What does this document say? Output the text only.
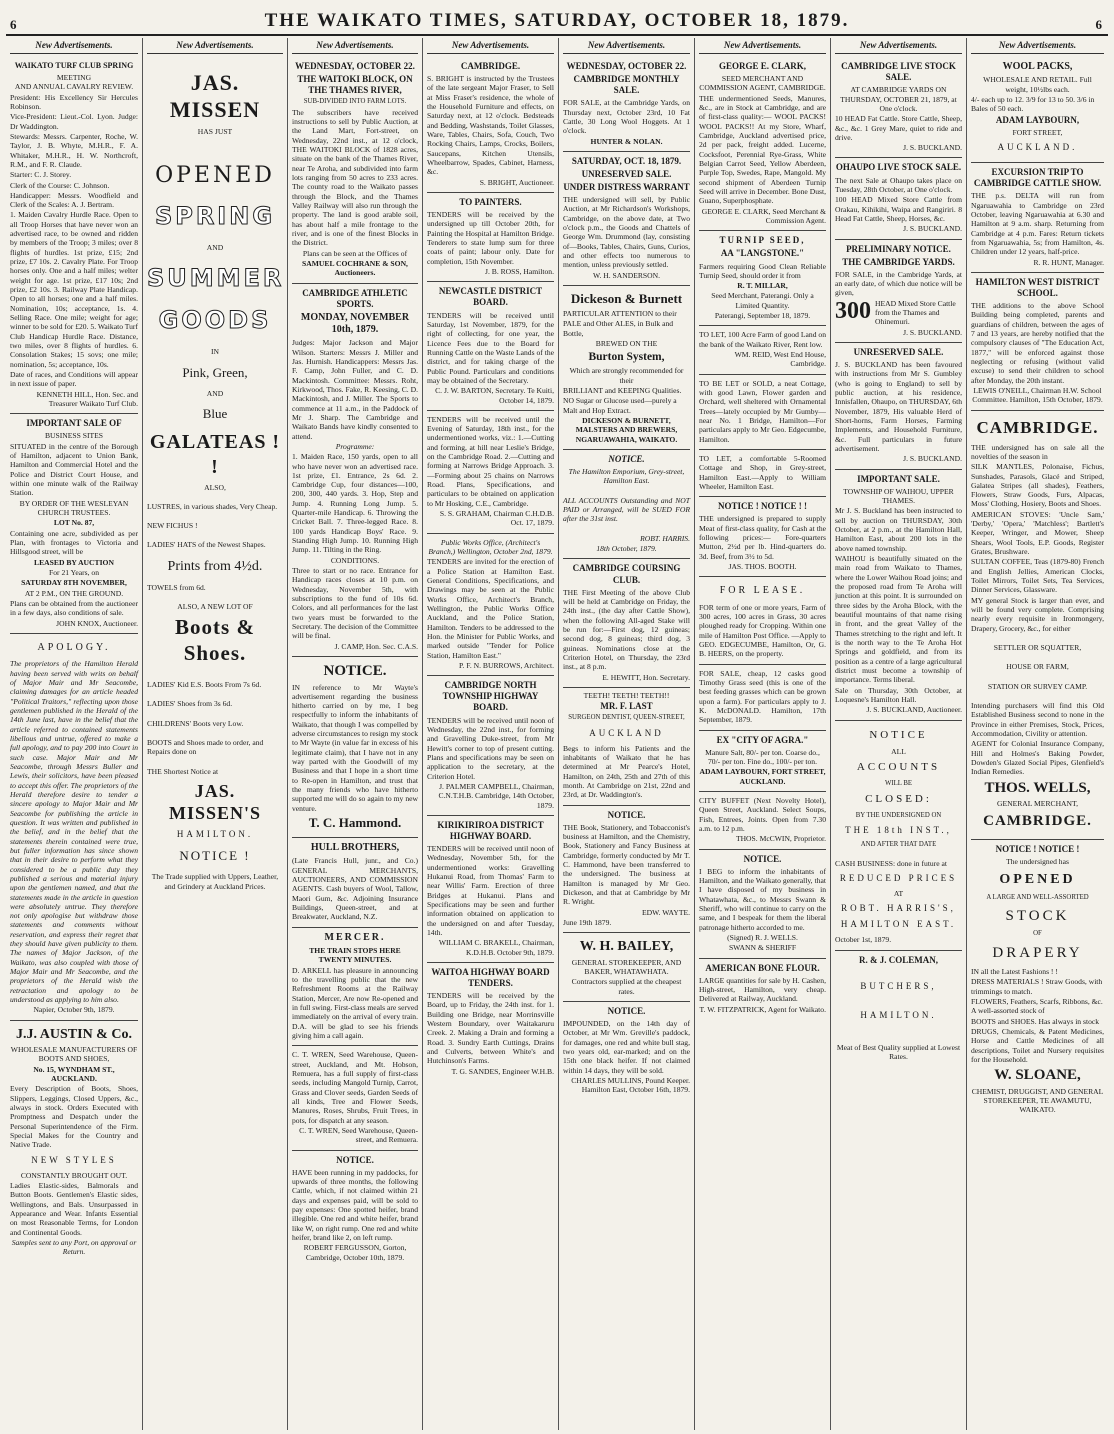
6	THE WAIKATO TIMES, SATURDAY, OCTOBER 18, 1879.	6
New Advertisements.
WAIKATO TURF CLUB SPRING
MEETING
AND ANNUAL CAVALRY REVIEW.

President: His Excellency Sir Hercules Robinson.

Vice-President: Lieut.-Col. Lyon. Judge: Dr Waddington.

Stewards: Messrs. Carpenter, Roche, W. Taylor, J. B. Whyte, M.H.R., F. A. Whitaker, M.H.R., H. W. Northcroft, R.M., and F. R. Claude.

Starter: C. J. Storey.

Clerk of the Course: C. Johnson.

Handicapper: Messrs. Woodfield and Clerk of the Scales: A. J. Bertram.

1. Maiden Cavalry Hurdle Race. Open to all Troop Horses that have never won an advertised race, to be owned and ridden by members of the Troop; 3 miles; over 8 flights of hurdles. 1st prize, £15; 2nd prize, £7 10s. 2. Cavalry Plate. For Troop horses only. One and a half miles; welter weight for age. 1st prize, £17 10s; 2nd prize, £2 10s. 3. Railway Plate Handicap. Open to all horses; one and a half miles. Nomination, 10s; acceptance, 1s. 4. Selling Race. One mile; weight for age; winner to be sold for £20. 5. Waikato Turf Club Handicap Hurdle Race. Distance, two miles, over 8 flights of hurdles. 6. Consolation Stakes; 15 sovs; one mile; nomination, 5s; acceptance, 10s.

Date of races, and Conditions will appear in next issue of paper.

KENNETH HILL, Hon. Sec. and Treasurer Waikato Turf Club.

IMPORTANT SALE OF
BUSINESS SITES

SITUATED in the centre of the Borough of Hamilton, adjacent to Union Bank, Hamilton and Commercial Hotel and the Police and District Court House, and within one minute walk of the Railway Station.

BY ORDER OF THE WESLEYAN CHURCH TRUSTEES.

LOT No. 87,

Containing one acre, subdivided as per Plan, with frontages to Victoria and Hillsgood street, will be

LEASED BY AUCTION

For 21 Years, on

SATURDAY 8TH NOVEMBER,

AT 2 P.M., ON THE GROUND.

Plans can be obtained from the auctioneer in a few days, also conditions of sale.

JOHN KNOX, Auctioneer.

APOLOGY.

The proprietors of the Hamilton Herald having been served with writs on behalf of Major Mair and Mr Seacombe, claiming damages for an article headed "Political Traitors," reflecting upon those gentlemen published in the Herald of the 14th June last, have in the belief that the article referred to contained statements libellous and untrue, offered to make a full apology, and to pay 200 into Court in such case. Major Mair and Mr Seacombe, through Messrs Buller and Lewis, their solicitors, have been pleased to accept this offer. The proprietors of the Herald therefore desire to tender a sincere apology to Major Mair and Mr Seacombe for publishing the article in question. It was written and published in the belief, and in the belief that the statements therein contained were true, but fuller information has since shown that in their desire to perform what they considered to be a public duty they published a serious and material injury upon the gentlemen named, and that the statements made in the article in question were absolutely untrue. They therefore not only apologise but withdraw those statements and comments without reservation, and express their regret that they should have given publicity to them. The names of Major Jackson, of the Waikato, was also coupled with those of Major Mair and Mr Seacombe, and the proprietors of the Herald wish the retractation and apology to be understood as applying to him also.

Napier, October 9th, 1879.

J.J. AUSTIN & Co.

WHOLESALE MANUFACTURERS OF BOOTS AND SHOES,

No. 15, WYNDHAM ST., AUCKLAND.

Every Description of Boots, Shoes, Slippers, Leggings, Closed Uppers, &c., always in stock. Orders Executed with Promptness and Despatch under the Personal Superintendence of the Firm. Special Makes for the Country and Native Trade.

NEW STYLES

CONSTANTLY BROUGHT OUT.

Ladies Elastic-sides, Balmorals and Button Boots. Gentlemen's Elastic sides, Wellingtons, and Bals. Unsurpassed in Appearance and Wear. Infants Essential on most Reasonable Terms, for London and Continental Goods.

Samples sent to any Port, on approval or Return.

New Advertisements.
JAS. MISSEN
HAS JUST
OPENED
SPRING
AND
SUMMER
GOODS
IN
Pink, Green,
AND
Blue
GALATEAS ! !
ALSO,

LUSTRES, in various shades, Very Cheap.

NEW FICHUS !

LADIES' HATS of the Newest Shapes.

Prints from 4½d.

TOWELS from 6d.

ALSO, A NEW LOT OF

Boots & Shoes.

LADIES' Kid E.S. Boots From 7s 6d.

LADIES' Shoes from 3s 6d.

CHILDRENS' Boots very Low.

BOOTS and Shoes made to order, and Repairs done on

THE Shortest Notice at

JAS. MISSEN'S
HAMILTON.
NOTICE !

The Trade supplied with Uppers, Leather, and Grindery at Auckland Prices.

New Advertisements.
WEDNESDAY, OCTOBER 22.
THE WAITOKI BLOCK, ON THE THAMES RIVER,

SUB-DIVIDED INTO FARM LOTS.

The subscribers have received instructions to sell by Public Auction, at the Land Mart, Fort-street, on Wednesday, 22nd inst., at 12 o'clock, THE WAITOKI BLOCK of 1828 acres, situate on the bank of the Thames River, near Te Aroha, and subdivided into farm lots ranging from 50 acres to 233 acres. The county road to the Waikato passes through the Block, and the Thames Valley Railway will also run through the property. The land is good arable soil, has about half a mile frontage to the river, and is one of the finest Blocks in the District.

Plans can be seen at the Offices of

SAMUEL COCHRANE & SON, Auctioneers.

CAMBRIDGE ATHLETIC SPORTS.
MONDAY, NOVEMBER 10th, 1879.

Judges: Major Jackson and Major Wilson. Starters: Messrs J. Miller and Jas. Hurnish. Handicappers: Messrs Jas. F. Camp, John Fuller, and C. D. Mackintosh. Committee: Messrs. Roht, Kirkwood, Thos. Fake, R. Keesing, C. D. Mackintosh, and J. Miller. The Sports to commence at 11 a.m., in the Paddock of Mr J. Sharp. The Cambridge and Waikato Bands have kindly consented to attend.

Programme:

1. Maiden Race, 150 yards, open to all who have never won an advertised race. 1st prize, £1. Entrance, 2s 6d. 2. Cambridge Cup, four distances—100, 200, 300, 440 yards. 3. Hop, Step and Jump. 4. Running Long Jump. 5. Quarter-mile Handicap. 6. Throwing the Cricket Ball. 7. Three-legged Race. 8. 100 yards Handicap Boys' Race. 9. Standing High Jump. 10. Running High Jump. 11. Tilting in the Ring.

CONDITIONS.

Three to start or no race. Entrance for Handicap races closes at 10 p.m. on Wednesday, November 5th, with subscriptions to the fund of 10s 6d. Colors, and all performances for the last two years must be forwarded to the Secretary. The decision of the Committee will be final.

J. CAMP, Hon. Sec. C.A.S.

NOTICE.

IN reference to Mr Wayte's advertisement regarding the business hitherto carried on by me, I beg respectfully to inform the inhabitants of Waikato, that though I was compelled by adverse circumstances to resign my stock to Mr Wayte (in value far in excess of his legitimate claim), that I have not in any way parted with the Goodwill of my Business and that I hope in a short time to Re-open in Hamilton, and trust that the many friends who have hitherto supported me will do so again to my new venture.

T. C. Hammond.
HULL BROTHERS,

(Late Francis Hull, junr., and Co.) GENERAL MERCHANTS, AUCTIONEERS, AND COMMISSION AGENTS. Cash buyers of Wool, Tallow, Maori Gum, &c. Adjoining Insurance Buildings, Queen-street, and at Breakwater, Auckland, N.Z.

MERCER.
THE TRAIN STOPS HERE TWENTY MINUTES.

D. ARKELL has pleasure in announcing to the travelling public that the new Refreshment Rooms at the Railway Station, Mercer, Are now Re-opened and in full swing. First-class meals are served immediately on the arrival of every train. D.A. will be glad to see his friends giving him a call again.

C. T. WREN, Seed Warehouse, Queen-street, Auckland, and Mt. Hobson, Remuera, has a full supply of first-class seeds, including Mangold Turnip, Carrot, Grass and Clover seeds, Garden Seeds of all kinds, Tree and Flower Seeds, Manures, Roses, Shrubs, Fruit Trees, in pots, for dispatch at any season.

C. T. WREN, Seed Warehouse, Queen-street, and Remuera.

NOTICE.

HAVE been running in my paddocks, for upwards of three months, the following Cattle, which, if not claimed within 21 days and expenses paid, will be sold to pay expenses: One spotted heifer, brand illegible. One red and white heifer, brand like W, on right rump. One red and white heifer, brand like 2, on left rump.

ROBERT FERGUSSON, Gorton, Cambridge, October 10th, 1879.

New Advertisements.
CAMBRIDGE.

S. BRIGHT is instructed by the Trustees of the late sergeant Major Fraser, to Sell at Miss Fraser's residence, the whole of the Household Furniture and effects, on Saturday next, at 12 o'clock. Bedsteads and Bedding, Washstands, Toilet Glasses, Ware, Tables, Chairs, Sofa, Couch, Two Rocking Chairs, Lamps, Crocks, Boilers, Saucepans, Kitchen Utensils, Wheelbarrow, Spades, Cabinet, Harness, &c.

S. BRIGHT, Auctioneer.

TO PAINTERS.

TENDERS will be received by the undersigned up till October 20th, for Painting the Hospital at Hamilton Bridge. Tenderers to state lump sum for three coats of paint; labour only. Date for completion, 15th November.

J. B. ROSS, Hamilton.

NEWCASTLE DISTRICT BOARD.

TENDERS will be received until Saturday, 1st November, 1879, for the right of collecting, for one year, the Licence Fees due to the Board for Running Cattle on the Waste Lands of the district, and for taking charge of the Public Pound. Particulars and conditions may be obtained of the Secretary.

C. J. W. BARTON, Secretary. Te Kuiti, October 14, 1879.

TENDERS will be received until the Evening of Saturday, 18th inst., for the undermentioned works, viz.: 1.—Cutting and forming, at hill near Leslie's Bridge, on the Cambridge Road. 2.—Cutting and forming at Narrows Bridge Approach. 3.—Forming about 25 chains on Narrows Road. Plans, Specifications, and particulars to be obtained on application to Mr Hosking, C.E., Cambridge.

S. S. GRAHAM, Chairman C.H.D.B. Oct. 17, 1879.

Public Works Office, (Architect's Branch,) Wellington, October 2nd, 1879.

TENDERS are invited for the erection of a Police Station at Hamilton East. General Conditions, Specifications, and Drawings may be seen at the Public Works Office, Architect's Branch, Wellington, the Public Works Office Auckland, and the Police Station, Hamilton. Tenders to be addressed to the Hon. the Minister for Public Works, and marked outside "Tender for Police Station, Hamilton East."

P. F. N. BURROWS, Architect.

CAMBRIDGE NORTH TOWNSHIP HIGHWAY BOARD.

TENDERS will be received until noon of Wednesday, the 22nd inst., for forming and Gravelling Duke-street, from Mr Hewitt's corner to top of present cutting. Plans and specifications may be seen on application to the secretary, at the Criterion Hotel.

J. PALMER CAMPBELL, Chairman, C.N.T.H.B. Cambridge, 14th October, 1879.

KIRIKIRIROA DISTRICT HIGHWAY BOARD.

TENDERS will be received until noon of Wednesday, November 5th, for the undermentioned works: Gravelling Hukanui Road, from Thomas' Farm to near Willis' Farm. Erection of three Bridges at Hukanui. Plans and Specifications may be seen and further information obtained on application to the undersigned on and after Tuesday, 14th.

WILLIAM C. BRAKELL, Chairman, K.D.H.B. October 9th, 1879.

WAITOA HIGHWAY BOARD TENDERS.

TENDERS will be received by the Board, up to Friday, the 24th inst. for 1. Building one Bridge, near Morrinsville Western Boundary, over Waitakaruru Creek. 2. Making a Drain and forming a Road. 3. Sundry Earth Cuttings, Drains and Culverts, between White's and Hutchinson's Farms.

T. G. SANDES, Engineer W.H.B.

New Advertisements.
WEDNESDAY, OCTOBER 22.
CAMBRIDGE MONTHLY SALE.

FOR SALE, at the Cambridge Yards, on Thursday next, October 23rd, 10 Fat Cattle, 30 Long Wool Hoggets. At 1 o'clock.

HUNTER & NOLAN.

SATURDAY, OCT. 18, 1879.
UNRESERVED SALE.
UNDER DISTRESS WARRANT

THE undersigned will sell, by Public Auction, at Mr Richardson's Workshops, Cambridge, on the above date, at Two o'clock p.m., the Goods and Chattels of George Wm. Drummond (lay, consisting of—Books, Tables, Chairs, Guns, Curios, and other effects too numerous to mention, unless previously settled.

W. H. SANDERSON.

Dickeson & Burnett

PARTICULAR ATTENTION to their

PALE and Other ALES, in Bulk and Bottle,

BREWED ON THE

Burton System,

Which are strongly recommended for their

BRILLIANT and KEEPING Qualities.

NO Sugar or Glucose used—purely a Malt and Hop Extract.

DICKESON & BURNETT, MALSTERS AND BREWERS, NGARUAWAHIA, WAIKATO.

NOTICE.

The Hamilton Emporium, Grey-street, Hamilton East.

ALL ACCOUNTS Outstanding and NOT PAID or Arranged, will be SUED FOR after the 31st inst.

ROBT. HARRIS.

18th October, 1879.

CAMBRIDGE COURSING CLUB.

THE First Meeting of the above Club will be held at Cambridge on Friday, the 24th inst., (the day after Cattle Show), when the following All-aged Stake will be run for:—First dog, 12 guineas; second dog, 8 guineas; third dog, 3 guineas. Nominations close at the Criterion Hotel, on Thursday, the 23rd inst., at 8 p.m.

E. HEWITT, Hon. Secretary.

TEETH! TEETH! TEETH!!
MR. F. LAST

SURGEON DENTIST, QUEEN-STREET,

AUCKLAND

Begs to inform his Patients and the inhabitants of Waikato that he has determined at Mr Pearce's Hotel, Hamilton, on 24th, 25th and 27th of this month. At Cambridge on 21st, 22nd and 23rd, at Dr. Waddington's.

NOTICE.

THE Book, Stationery, and Tobacconist's business at Hamilton, and the Chemistry, Book, Stationery and Fancy Business at Cambridge, formerly conducted by Mr T. C. Hammond, have been transferred to the undersigned. The business at Hamilton is managed by Mr Geo. Dickeson, and that at Cambridge by Mr R. Wright.

EDW. WAYTE.

June 19th 1879.

W. H. BAILEY,

GENERAL STOREKEEPER, AND BAKER, WHATAWHATA.

Contractors supplied at the cheapest rates.

NOTICE.

IMPOUNDED, on the 14th day of October, at Mr Wm. Greville's paddock, for damages, one red and white bull stag, two years old, ear-marked; and on the 15th one black heifer. If not claimed within 14 days, they will be sold.

CHARLES MULLINS, Pound Keeper. Hamilton East, October 16th, 1879.

New Advertisements.
GEORGE E. CLARK,

SEED MERCHANT AND COMMISSION AGENT, CAMBRIDGE.

THE undermentioned Seeds, Manures, &c., are in Stock at Cambridge, and are of first-class quality:— WOOL PACKS! WOOL PACKS!! At my Store, Wharf, Cambridge, Auckland advertised price, 2d per pack, freight added. Lucerne, Cocksfoot, Perennial Rye-Grass, White Belgian Carrot Seed, Yellow Aberdeen, Purple Top, Swedes, Rape, Mangold. My second shipment of Aberdeen Turnip Seed will arrive in December. Bone Dust, Guano, Superphosphate.

GEORGE E. CLARK, Seed Merchant & Commission Agent.

TURNIP SEED,
AA "LANGSTONE."

Farmers requiring Good Clean Reliable Turnip Seed, should order it from

R. T. MILLAR,

Seed Merchant, Paterangi. Only a Limited Quantity.

Paterangi, September 18, 1879.

TO LET, 100 Acre Farm of good Land on the bank of the Waikato River, Rent low.

WM. REID, West End House, Cambridge.

TO BE LET or SOLD, a neat Cottage, with good Lawn, Flower garden and Orchard, well sheltered with Ornamental Trees—lately occupied by Mr Gumby—near No. 1 Bridge, Hamilton—For particulars apply to Mr Geo. Edgecumbe, Hamilton.

TO LET, a comfortable 5-Roomed Cottage and Shop, in Grey-street, Hamilton East.—Apply to William Wheeler, Hamilton East.

NOTICE ! NOTICE ! !

THE undersigned is prepared to supply Meat of first-class quality, for Cash at the following prices:— Fore-quarters Mutton, 2½d per lb. Hind-quarters do. 3d. Beef, from 3½ to 5d.

JAS. THOS. BOOTH.

FOR LEASE.

FOR term of one or more years, Farm of 300 acres, 100 acres in Grass, 30 acres ploughed ready for Cropping. Within one mile of Hamilton Post Office. —Apply to GEO. EDGECUMBE, Hamilton, Or, G. B. HEERS, on the property.

FOR SALE, cheap, 12 casks good Timothy Grass seed (this is one of the best feeding grasses which can be grown upon a farm). For particulars apply to J. K. McDONALD. Hamilton, 17th September, 1879.

EX "CITY OF AGRA."

Manure Salt, 80/- per ton. Coarse do., 70/- per ton. Fine do., 100/- per ton.

ADAM LAYBOURN, FORT STREET, AUCKLAND.

CITY BUFFET (Next Novelty Hotel), Queen Street, Auckland. Select Soups, Fish, Entrees, Joints. Open from 7.30 a.m. to 12 p.m.

THOS. McCWIN, Proprietor.

NOTICE.

I BEG to inform the inhabitants of Hamilton, and the Waikato generally, that I have disposed of my business in Whatawhata, &c., to Messrs Swann & Sheriff, who will continue to carry on the same, and I bespeak for them the liberal patronage hitherto accorded to me.

(Signed) R. J. WELLS.

SWANN & SHERIFF

AMERICAN BONE FLOUR.

LARGE quantities for sale by H. Cashen, High-street, Hamilton, very cheap. Delivered at Railway, Auckland.

T. W. FITZPATRICK, Agent for Waikato.

New Advertisements.
CAMBRIDGE LIVE STOCK SALE.

AT CAMBRIDGE YARDS ON THURSDAY, OCTOBER 21, 1879, at One o'clock.

10 HEAD Fat Cattle. Store Cattle, Sheep, &c., &c. 1 Grey Mare, quiet to ride and drive.

J. S. BUCKLAND.

OHAUPO LIVE STOCK SALE.

The next Sale at Ohaupo takes place on Tuesday, 28th October, at One o'clock.

100 HEAD Mixed Store Cattle from Orakau, Kihikihi, Waipa and Rangiriri. 8 Head Fat Cattle, Sheep, Horses, &c.

J. S. BUCKLAND.

PRELIMINARY NOTICE.
THE CAMBRIDGE YARDS.

FOR SALE, in the Cambridge Yards, at an early date, of which due notice will be given,

300 HEAD Mixed Store Cattle from the Thames and Ohinemuri.

J. S. BUCKLAND.

UNRESERVED SALE.

J. S. BUCKLAND has been favoured with instructions from Mr S. Gumbley (who is going to England) to sell by public auction, at his residence, Innisfallen, Ohaupo, on THURSDAY, 6th November, 1879, His valuable Herd of Short-horns, Farm Horses, Farming Implements, and Household Furniture, &c. Full particulars in future advertisement.

J. S. BUCKLAND.

IMPORTANT SALE.
TOWNSHIP OF WAIHOU, UPPER THAMES.

Mr J. S. Buckland has been instructed to sell by auction on THURSDAY, 30th October, at 2 p.m., at the Hamilton Hall, Hamilton East, about 200 lots in the above named township.

WAIHOU is beautifully situated on the main road from Waikato to Thames, where the Lower Waihou Road joins; and the proposed road from Te Aroha will junction at this point. It is surrounded on three sides by the Aroha Block, with the beautiful mountains of that name rising in front, and the great Valley of the Thames stretching to the right and left. It is the north way to the Te Aroha Hot Springs and goldfield, and from its position as a centre of a large agricultural district must become a township of importance. Terms liberal.

Sale on Thursday, 30th October, at Loquesne's Hamilton Hall.

J. S. BUCKLAND, Auctioneer.

NOTICE
ALL
ACCOUNTS
WILL BE
CLOSED:
BY THE UNDERSIGNED ON
THE 18th INST.,
AND AFTER THAT DATE

CASH BUSINESS: done in future at

REDUCED PRICES
AT
ROBT. HARRIS'S,
HAMILTON EAST.

October 1st, 1879.

R. & J. COLEMAN,
BUTCHERS,
HAMILTON.

Meat of Best Quality supplied at Lowest Rates.

New Advertisements.
WOOL PACKS,

WHOLESALE AND RETAIL. Full weight, 10½lbs each.

4/- each up to 12. 3/9 for 13 to 50. 3/6 in Bales of 50 each.

ADAM LAYBOURN,
FORT STREET,
AUCKLAND.
EXCURSION TRIP TO CAMBRIDGE CATTLE SHOW.

THE p.s. DELTA will run from Ngaruawahia to Cambridge on 23rd October, leaving Ngaruawahia at 6.30 and Hamilton at 9 a.m. sharp. Returning from Cambridge at 4 p.m. Fares: Return tickets from Ngaruawahia, 5s; from Hamilton, 4s. Children under 12 years, half-price.

R. R. HUNT, Manager.

HAMILTON WEST DISTRICT SCHOOL.

THE additions to the above School Building being completed, parents and guardians of children, between the ages of 7 and 13 years, are hereby notified that the compulsory clauses of "The Education Act, 1877," will be enforced against those neglecting or refusing (without valid excuse) to send their children to school after Monday, the 20th instant.

LEWIS O'NEILL, Chairman H.W. School Committee. Hamilton, 15th October, 1879.

CAMBRIDGE.

THE undersigned has on sale all the novelties of the season in

SILK MANTLES, Polonaise, Fichus, Sunshades, Parasols, Glacé and Striped, Galatea Stripes (all shades), Feathers, Flowers, Straw Goods, Furs, Alpacas, Moss' Clothing, Hosiery, Boots and Shoes.

AMERICAN STOVES: 'Uncle Sam,' 'Derby,' 'Opera,' 'Matchless'; Bartlett's Keeper, Wringer, and Mower, Sheep Shears, Wool Tools, E.P. Goods, Register Grates, Brushware.

SULTAN COFFEE, Teas (1879-80) French and English Jellies, American Clocks, Toilet Mirrors, Toilet Sets, Tea Services, Dinner Services, Glassware.

MY general Stock is larger than ever, and will be found very complete. Comprising nearly every requisite in Ironmongery, Drapery, Grocery, &c., for either

SETTLER OR SQUATTER,

HOUSE OR FARM,

STATION OR SURVEY CAMP.

Intending purchasers will find this Old Established Business second to none in the Province in either Premises, Stock, Prices, Accommodation, Civility or attention.

AGENT for Colonial Insurance Company, Hill and Holmes's Baking Powder, Dowden's Glazed Social Pipes, Glenfield's Indian Remedies.

THOS. WELLS,
GENERAL MERCHANT,
CAMBRIDGE.
NOTICE ! NOTICE !

The undersigned has

OPENED

A LARGE AND WELL-ASSORTED

STOCK

OF

DRAPERY

IN all the Latest Fashions ! !

DRESS MATERIALS ! Straw Goods, with trimmings to match.

FLOWERS, Feathers, Scarfs, Ribbons, &c. A well-assorted stock of

BOOTS and SHOES. Has always in stock

DRUGS, Chemicals, & Patent Medicines, Horse and Cattle Medicines of all descriptions, Toilet and Nursery requisites for the Household.

W. SLOANE,

CHEMIST, DRUGGIST, AND GENERAL STOREKEEPER, TE AWAMUTU, WAIKATO.
